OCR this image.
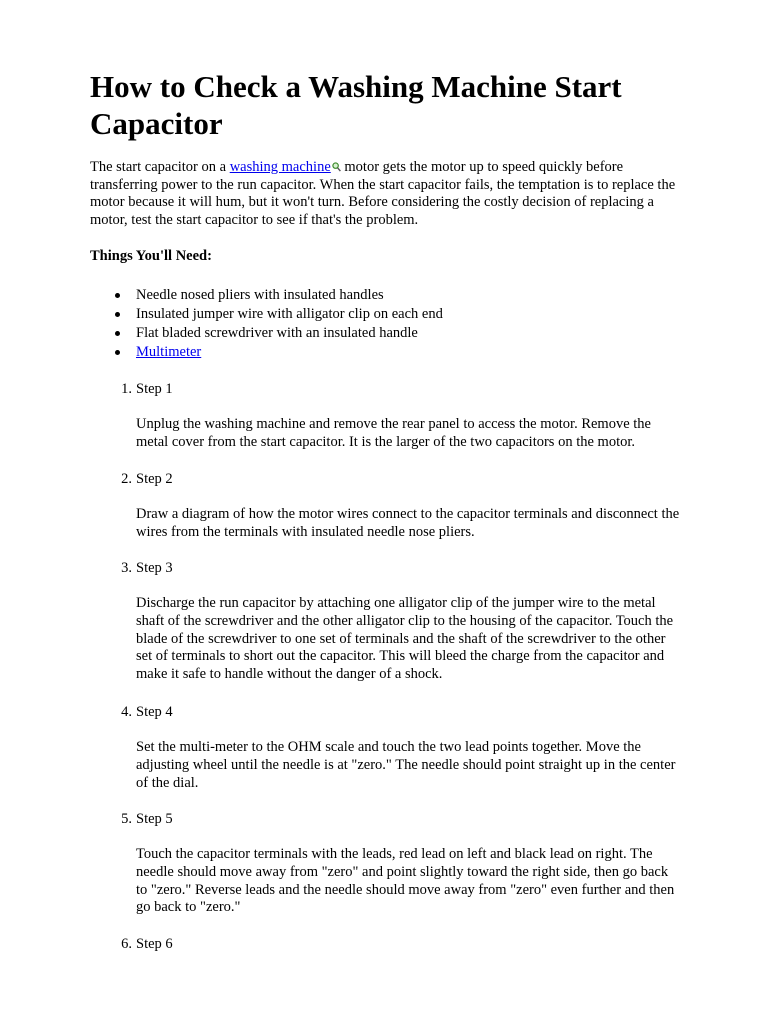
How to Check a Washing Machine Start Capacitor

The start capacitor on a washing machine motor gets the motor up to speed quickly before transferring power to the run capacitor. When the start capacitor fails, the temptation is to replace the motor because it will hum, but it won't turn. Before considering the costly decision of replacing a motor, test the start capacitor to see if that's the problem.

Things You'll Need:

Needle nosed pliers with insulated handles
Insulated jumper wire with alligator clip on each end
Flat bladed screwdriver with an insulated handle
Multimeter
1. Step 1

Unplug the washing machine and remove the rear panel to access the motor. Remove the metal cover from the start capacitor. It is the larger of the two capacitors on the motor.

2. Step 2

Draw a diagram of how the motor wires connect to the capacitor terminals and disconnect the wires from the terminals with insulated needle nose pliers.

3. Step 3

Discharge the run capacitor by attaching one alligator clip of the jumper wire to the metal shaft of the screwdriver and the other alligator clip to the housing of the capacitor. Touch the blade of the screwdriver to one set of terminals and the shaft of the screwdriver to the other set of terminals to short out the capacitor. This will bleed the charge from the capacitor and make it safe to handle without the danger of a shock.

4. Step 4

Set the multi-meter to the OHM scale and touch the two lead points together. Move the adjusting wheel until the needle is at "zero." The needle should point straight up in the center of the dial.

5. Step 5

Touch the capacitor terminals with the leads, red lead on left and black lead on right. The needle should move away from "zero" and point slightly toward the right side, then go back to "zero." Reverse leads and the needle should move away from "zero" even further and then go back to "zero."

6. Step 6
